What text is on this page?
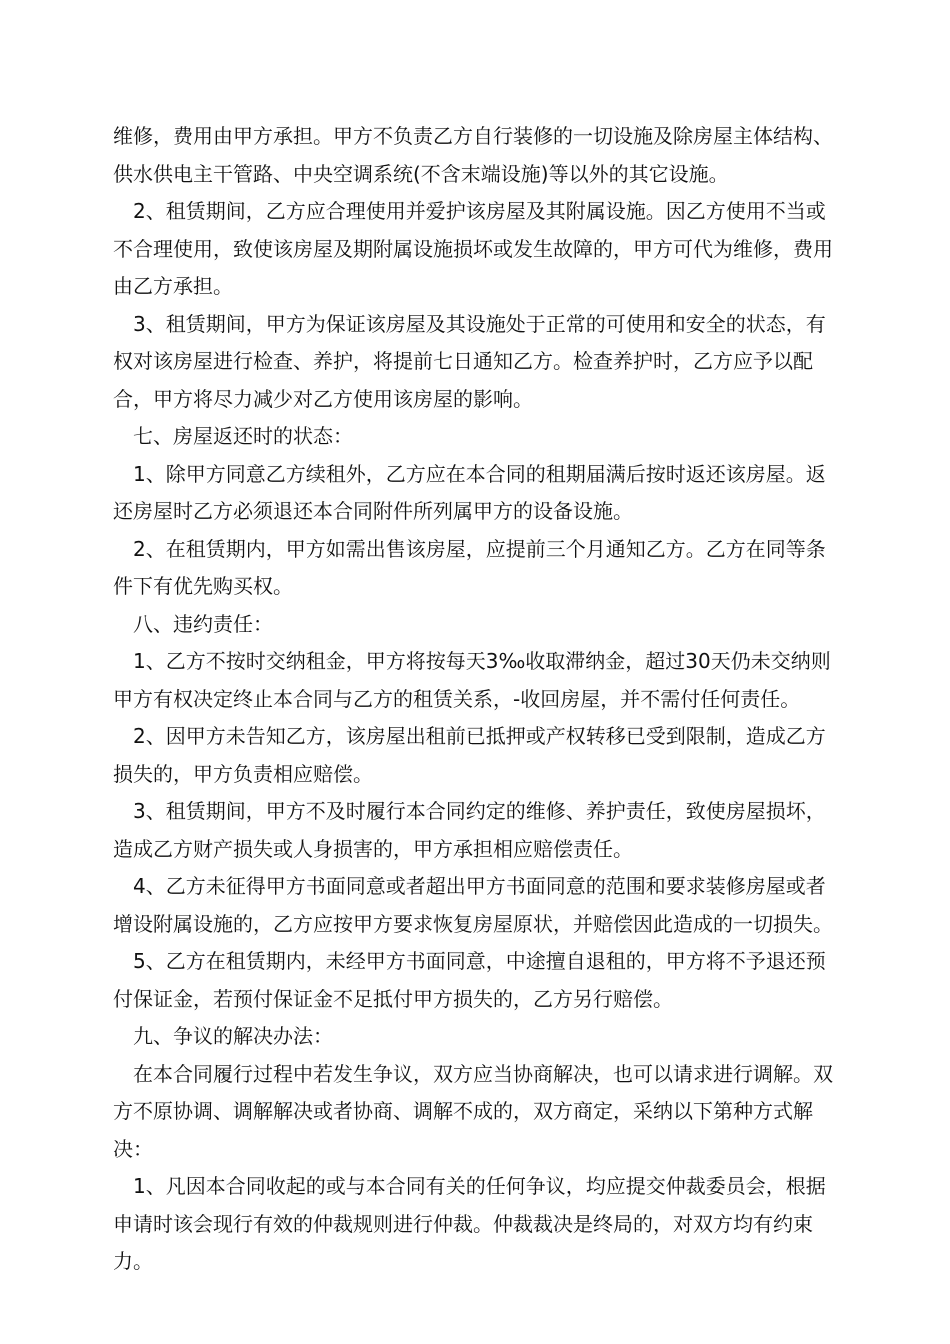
维修，费用由甲方承担。甲方不负责乙方自行装修的一切设施及除房屋主体结构、供水供电主干管路、中央空调系统(不含末端设施)等以外的其它设施。

2、租赁期间，乙方应合理使用并爱护该房屋及其附属设施。因乙方使用不当或不合理使用，致使该房屋及期附属设施损坏或发生故障的，甲方可代为维修，费用由乙方承担。

3、租赁期间，甲方为保证该房屋及其设施处于正常的可使用和安全的状态，有权对该房屋进行检查、养护，将提前七日通知乙方。检查养护时，乙方应予以配合，甲方将尽力减少对乙方使用该房屋的影响。

七、房屋返还时的状态：

1、除甲方同意乙方续租外，乙方应在本合同的租期届满后按时返还该房屋。返还房屋时乙方必须退还本合同附件所列属甲方的设备设施。

2、在租赁期内，甲方如需出售该房屋，应提前三个月通知乙方。乙方在同等条件下有优先购买权。

八、违约责任：

1、乙方不按时交纳租金，甲方将按每天3‰收取滞纳金，超过30天仍未交纳则甲方有权决定终止本合同与乙方的租赁关系，-收回房屋，并不需付任何责任。

2、因甲方未告知乙方，该房屋出租前已抵押或产权转移已受到限制，造成乙方损失的，甲方负责相应赔偿。

3、租赁期间，甲方不及时履行本合同约定的维修、养护责任，致使房屋损坏，造成乙方财产损失或人身损害的，甲方承担相应赔偿责任。

4、乙方未征得甲方书面同意或者超出甲方书面同意的范围和要求装修房屋或者增设附属设施的，乙方应按甲方要求恢复房屋原状，并赔偿因此造成的一切损失。

5、乙方在租赁期内，未经甲方书面同意，中途擅自退租的，甲方将不予退还预付保证金，若预付保证金不足抵付甲方损失的，乙方另行赔偿。

九、争议的解决办法：

在本合同履行过程中若发生争议，双方应当协商解决，也可以请求进行调解。双方不原协调、调解解决或者协商、调解不成的，双方商定，采纳以下第种方式解决：

1、凡因本合同收起的或与本合同有关的任何争议，均应提交仲裁委员会，根据申请时该会现行有效的仲裁规则进行仲裁。仲裁裁决是终局的，对双方均有约束力。
